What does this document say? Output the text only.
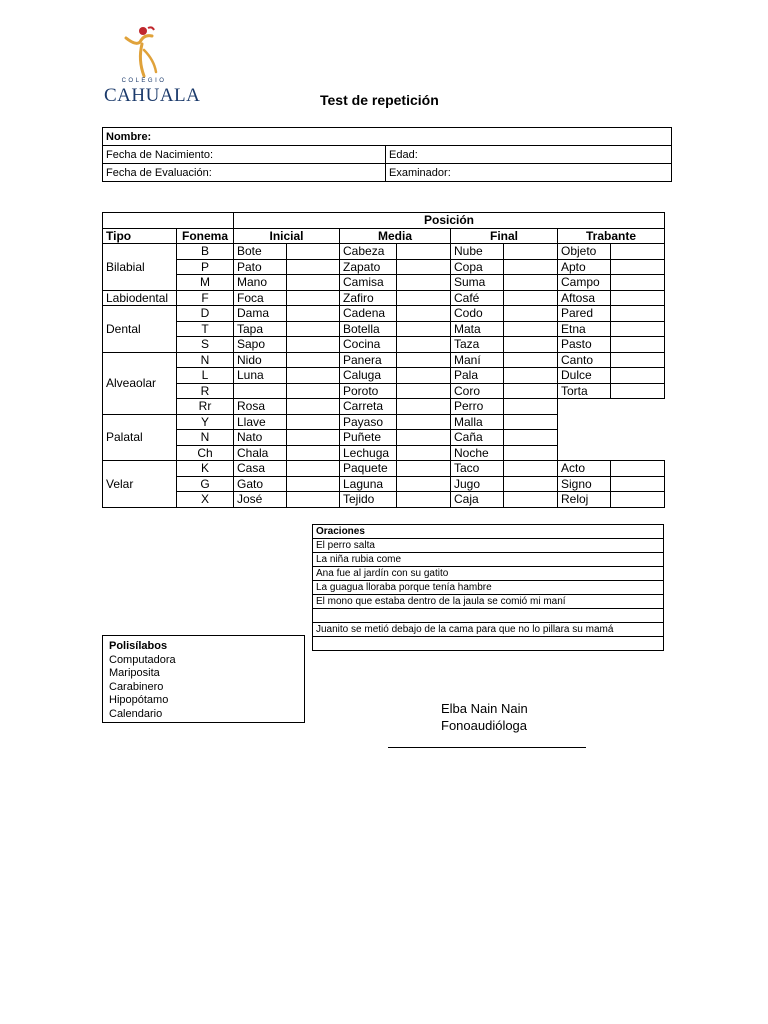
COLEGIO
CAHUALA	Test de repetición
Nombre:	
Fecha de Nacimiento:	Edad:
Fecha de Evaluación:	Examinador:
		Posición							
Tipo	Fonema	Inicial		Media		Final		Trabante	
Bilabial	B	Bote		Cabeza		Nube		Objeto	
	P	Pato		Zapato		Copa		Apto	
	M	Mano		Camisa		Suma		Campo	
Labiodental	F	Foca		Zafiro		Café		Aftosa	
Dental	D	Dama		Cadena		Codo		Pared	
	T	Tapa		Botella		Mata		Etna	
	S	Sapo		Cocina		Taza		Pasto	
Alveaolar	N	Nido		Panera		Maní		Canto	
	L	Luna		Caluga		Pala		Dulce	
	R			Poroto		Coro		Torta	
	Rr	Rosa		Carreta		Perro			
Palatal	Y	Llave		Payaso		Malla			
	N	Nato		Puñete		Caña			
	Ch	Chala		Lechuga		Noche			
Velar	K	Casa		Paquete		Taco		Acto	
	G	Gato		Laguna		Jugo		Signo	
	X	José		Tejido		Caja		Reloj	
Oraciones
El perro salta
La niña rubia come
Ana fue al jardín con su gatito
La guagua lloraba porque tenía hambre
El mono que estaba dentro de la jaula se comió mi maní

Juanito se metió debajo de la cama para que no lo pillara su mamá

Polisílabos
Computadora
Mariposita
Carabinero
Hipopótamo
Calendario	Elba Nain Nain
Fonoaudióloga
